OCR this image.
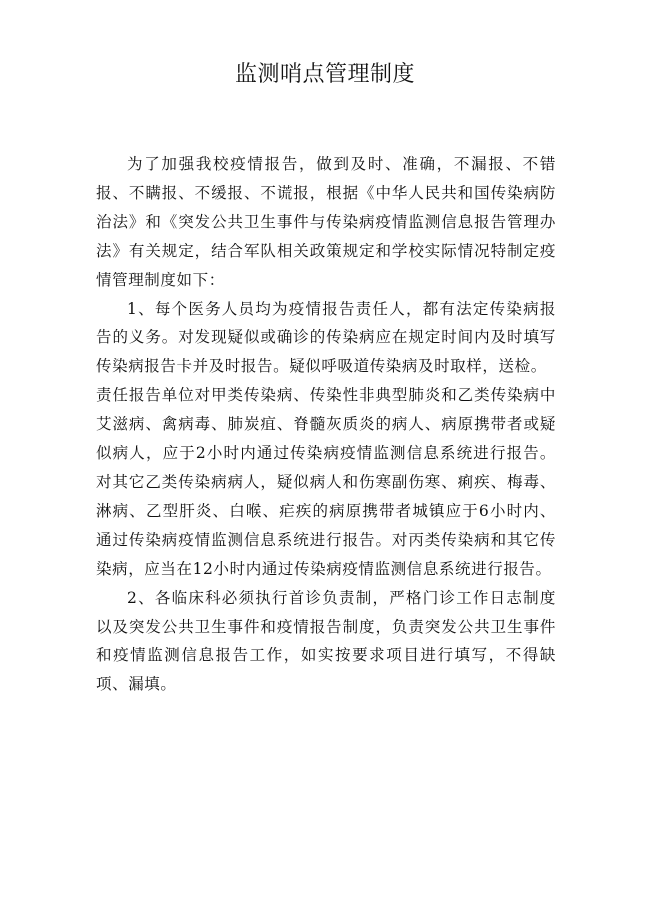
监测哨点管理制度

为了加强我校疫情报告，做到及时、准确，不漏报、不错报、不瞒报、不缓报、不谎报，根据《中华人民共和国传染病防治法》和《突发公共卫生事件与传染病疫情监测信息报告管理办法》有关规定，结合军队相关政策规定和学校实际情况特制定疫情管理制度如下：

1、每个医务人员均为疫情报告责任人，都有法定传染病报告的义务。对发现疑似或确诊的传染病应在规定时间内及时填写传染病报告卡并及时报告。疑似呼吸道传染病及时取样，送检。

责任报告单位对甲类传染病、传染性非典型肺炎和乙类传染病中艾滋病、禽病毒、肺炭疽、脊髓灰质炎的病人、病原携带者或疑似病人，应于2小时内通过传染病疫情监测信息系统进行报告。对其它乙类传染病病人，疑似病人和伤寒副伤寒、痢疾、梅毒、淋病、乙型肝炎、白喉、疟疾的病原携带者城镇应于6小时内、通过传染病疫情监测信息系统进行报告。对丙类传染病和其它传染病，应当在12小时内通过传染病疫情监测信息系统进行报告。

2、各临床科必须执行首诊负责制，严格门诊工作日志制度以及突发公共卫生事件和疫情报告制度，负责突发公共卫生事件和疫情监测信息报告工作，如实按要求项目进行填写，不得缺项、漏填。
